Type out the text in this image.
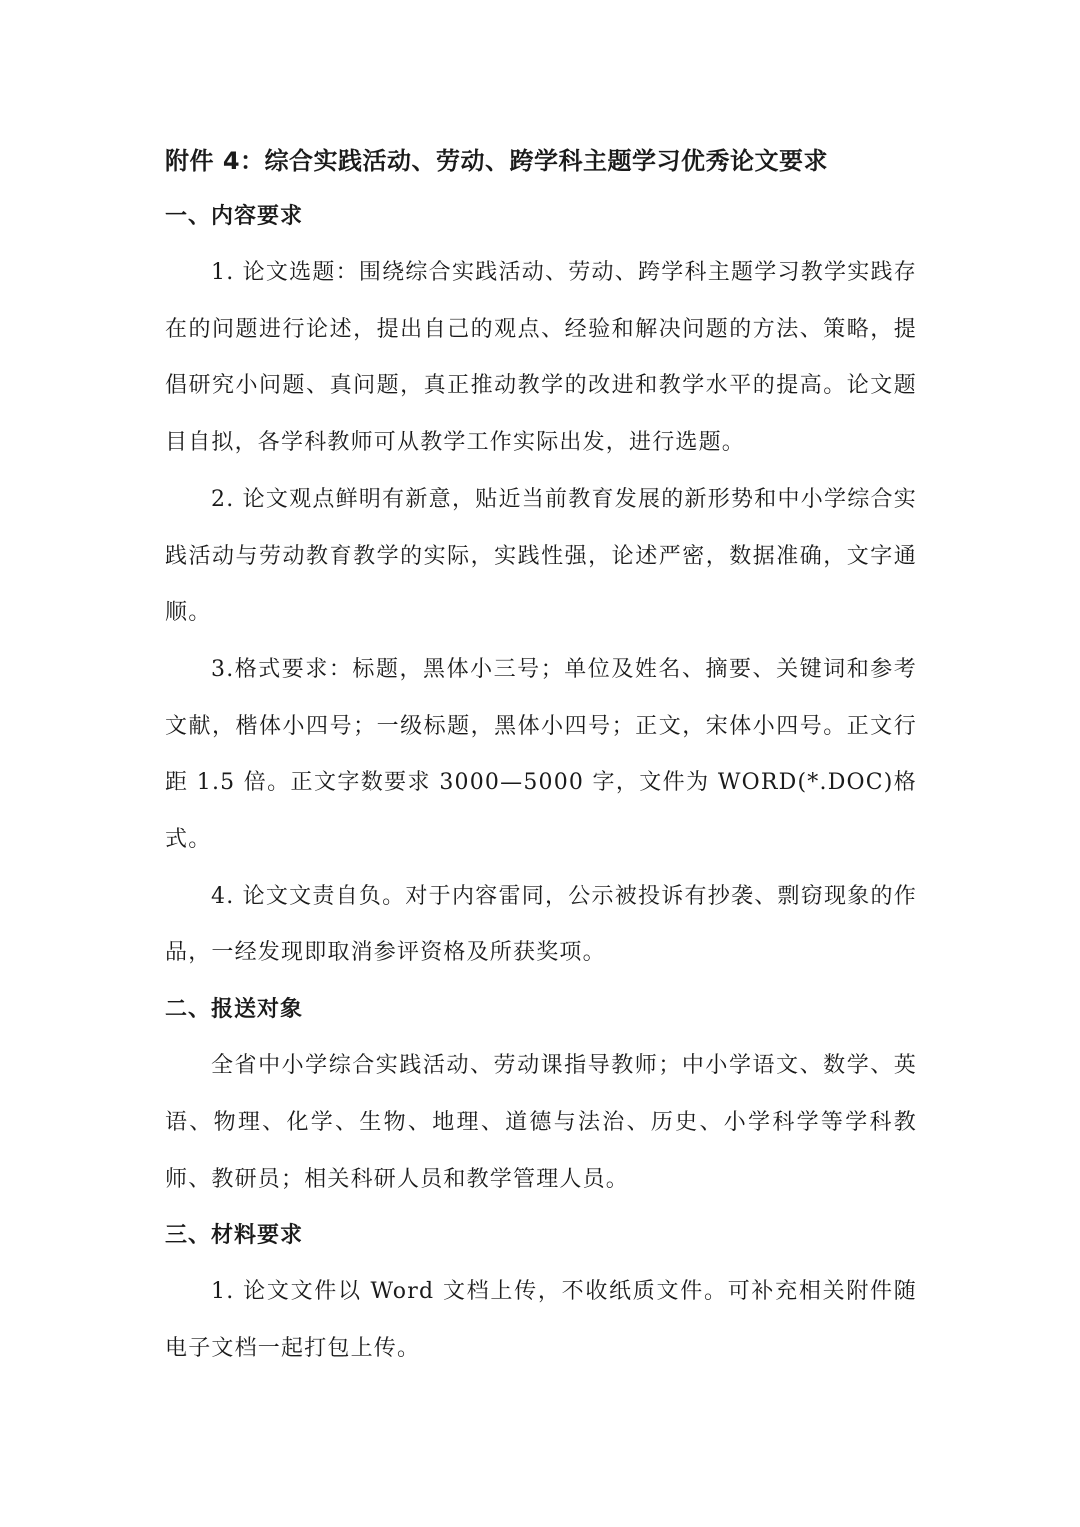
附件 4：综合实践活动、劳动、跨学科主题学习优秀论文要求

一、内容要求

1. 论文选题：围绕综合实践活动、劳动、跨学科主题学习教学实践存在的问题进行论述，提出自己的观点、经验和解决问题的方法、策略，提倡研究小问题、真问题，真正推动教学的改进和教学水平的提高。论文题目自拟，各学科教师可从教学工作实际出发，进行选题。

2. 论文观点鲜明有新意，贴近当前教育发展的新形势和中小学综合实践活动与劳动教育教学的实际，实践性强，论述严密，数据准确，文字通顺。

3.格式要求：标题，黑体小三号；单位及姓名、摘要、关键词和参考文献，楷体小四号；一级标题，黑体小四号；正文，宋体小四号。正文行距 1.5 倍。正文字数要求 3000—5000 字，文件为 WORD(*.DOC)格式。

4. 论文文责自负。对于内容雷同，公示被投诉有抄袭、剽窃现象的作品，一经发现即取消参评资格及所获奖项。

二、报送对象

全省中小学综合实践活动、劳动课指导教师；中小学语文、数学、英语、物理、化学、生物、地理、道德与法治、历史、小学科学等学科教师、教研员；相关科研人员和教学管理人员。

三、材料要求

1. 论文文件以 Word 文档上传，不收纸质文件。可补充相关附件随电子文档一起打包上传。
